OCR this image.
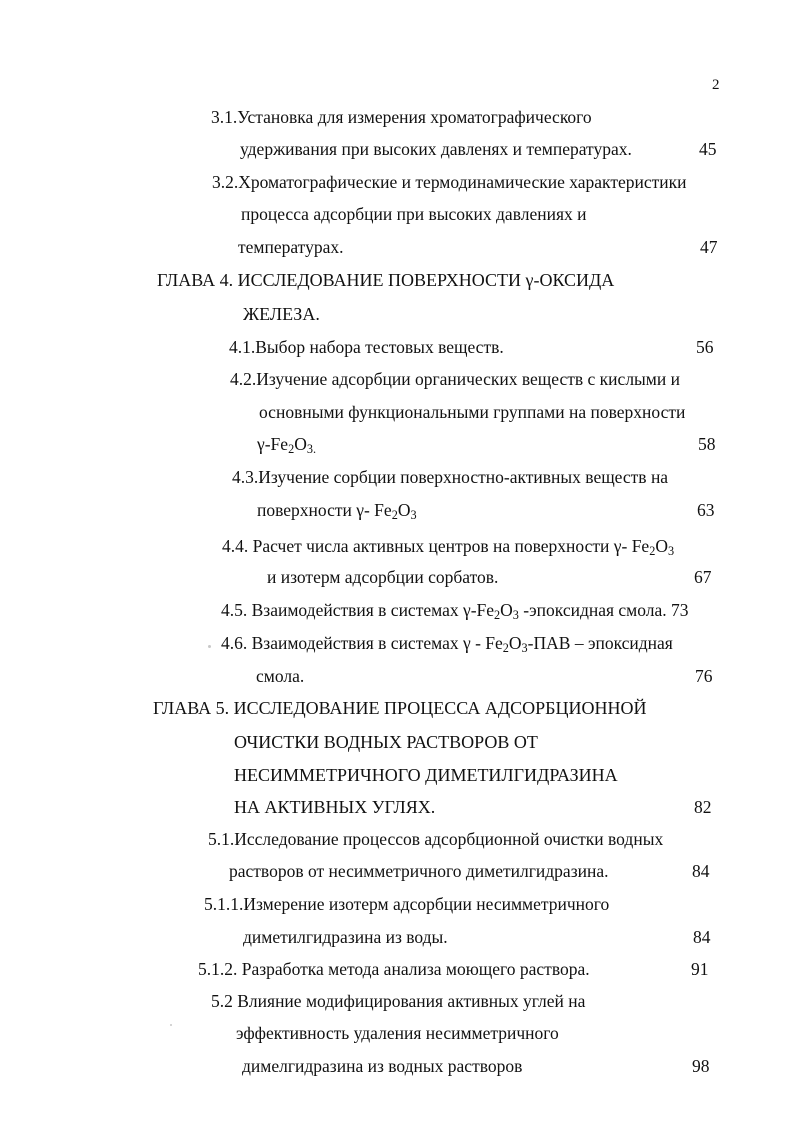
2
3.1.Установка для измерения хроматографического
удерживания при высоких давленях и температурах.	45
3.2.Хроматографические и термодинамические характеристики
процесса адсорбции при высоких давлениях и
температурах.	47
ГЛАВА 4. ИССЛЕДОВАНИЕ ПОВЕРХНОСТИ γ-ОКСИДА
ЖЕЛЕЗА.
4.1.Выбор набора тестовых веществ.	56
4.2.Изучение адсорбции органических веществ с кислыми и
основными функциональными группами на поверхности
$\gamma-Fe_2O_{3.}$	58
4.3.Изучение сорбции поверхностно-активных веществ на
поверхности γ- $Fe_2O_3$	63
4.4. Расчет числа активных центров на поверхности γ- $Fe_2O_3$
и изотерм адсорбции сорбатов.	67
4.5. Взаимодействия в системах $\gamma-Fe_2O_3$ -эпоксидная смола. 73
4.6. Взаимодействия в системах γ - $Fe_2O_3$-ПАВ – эпоксидная
смола.	76
ГЛАВА 5. ИССЛЕДОВАНИЕ ПРОЦЕССА АДСОРБЦИОННОЙ
ОЧИСТКИ ВОДНЫХ РАСТВОРОВ ОТ
НЕСИММЕТРИЧНОГО ДИМЕТИЛГИДРАЗИНА
НА АКТИВНЫХ УГЛЯХ.	82
5.1.Исследование процессов адсорбционной очистки водных
растворов от несимметричного диметилгидразина.	84
5.1.1.Измерение изотерм адсорбции несимметричного
диметилгидразина из воды.	84
5.1.2. Разработка метода анализа моющего раствора.	91
5.2 Влияние модифицирования активных углей на
эффективность удаления несимметричного
димелгидразина из водных растворов	98
